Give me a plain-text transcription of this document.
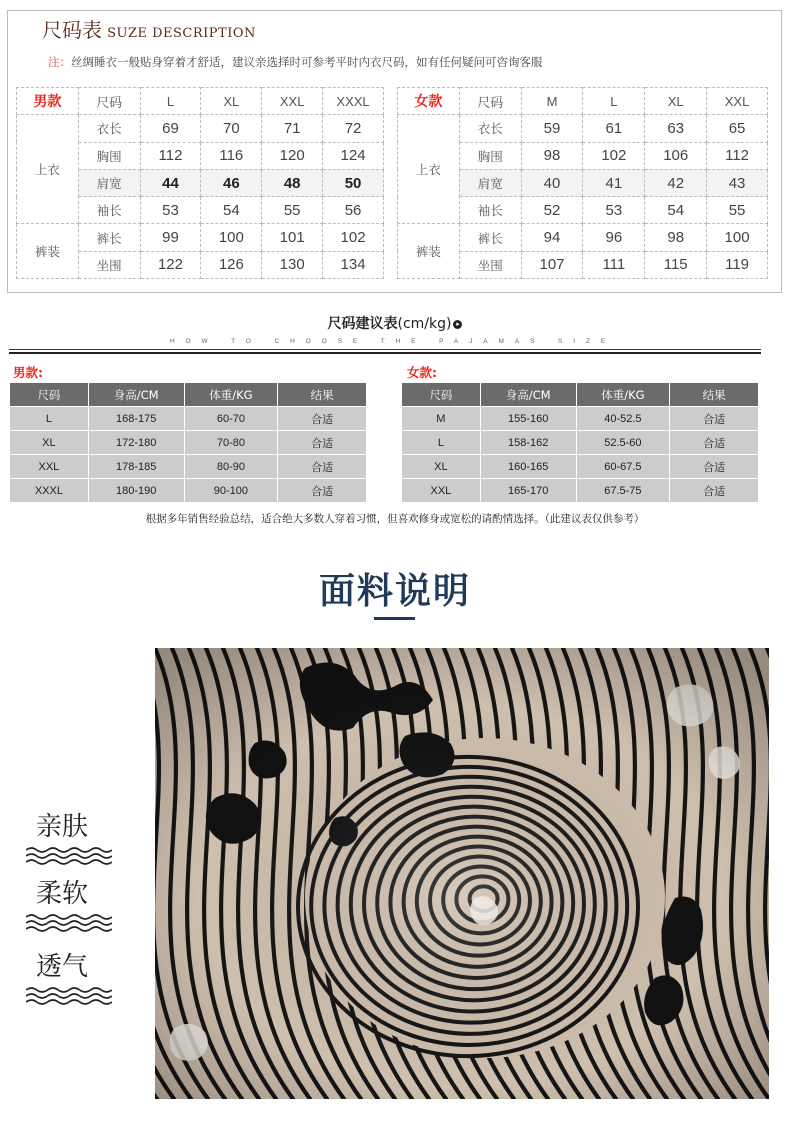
尺码表 SUZE DESCRIPTION
注：丝绸睡衣一般贴身穿着才舒适，建议亲选择时可参考平时内衣尺码，如有任何疑问可咨询客服
男款	尺码	L	XL	XXL	XXXL
上衣	衣长	69	70	71	72
	胸围	112	116	120	124
	肩宽	44	46	48	50
	袖长	53	54	55	56
裤装	裤长	99	100	101	102
	坐围	122	126	130	134
女款	尺码	M	L	XL	XXL
上衣	衣长	59	61	63	65
	胸围	98	102	106	112
	肩宽	40	41	42	43
	袖长	52	53	54	55
裤装	裤长	94	96	98	100
	坐围	107	111	115	119
尺码建议表(cm/kg) ▸
HOW TO CHOOSE THE PAJAMAS SIZE
男款:	女款:
尺码	身高/CM	体重/KG	结果
L	168-175	60-70	合适
XL	172-180	70-80	合适
XXL	178-185	80-90	合适
XXXL	180-190	90-100	合适
尺码	身高/CM	体重/KG	结果
M	155-160	40-52.5	合适
L	158-162	52.5-60	合适
XL	160-165	60-67.5	合适
XXL	165-170	67.5-75	合适
根据多年销售经验总结，适合绝大多数人穿着习惯，但喜欢修身或宽松的请酌情选择。（此建议表仅供参考）
面料说明
亲肤
柔软
透气
